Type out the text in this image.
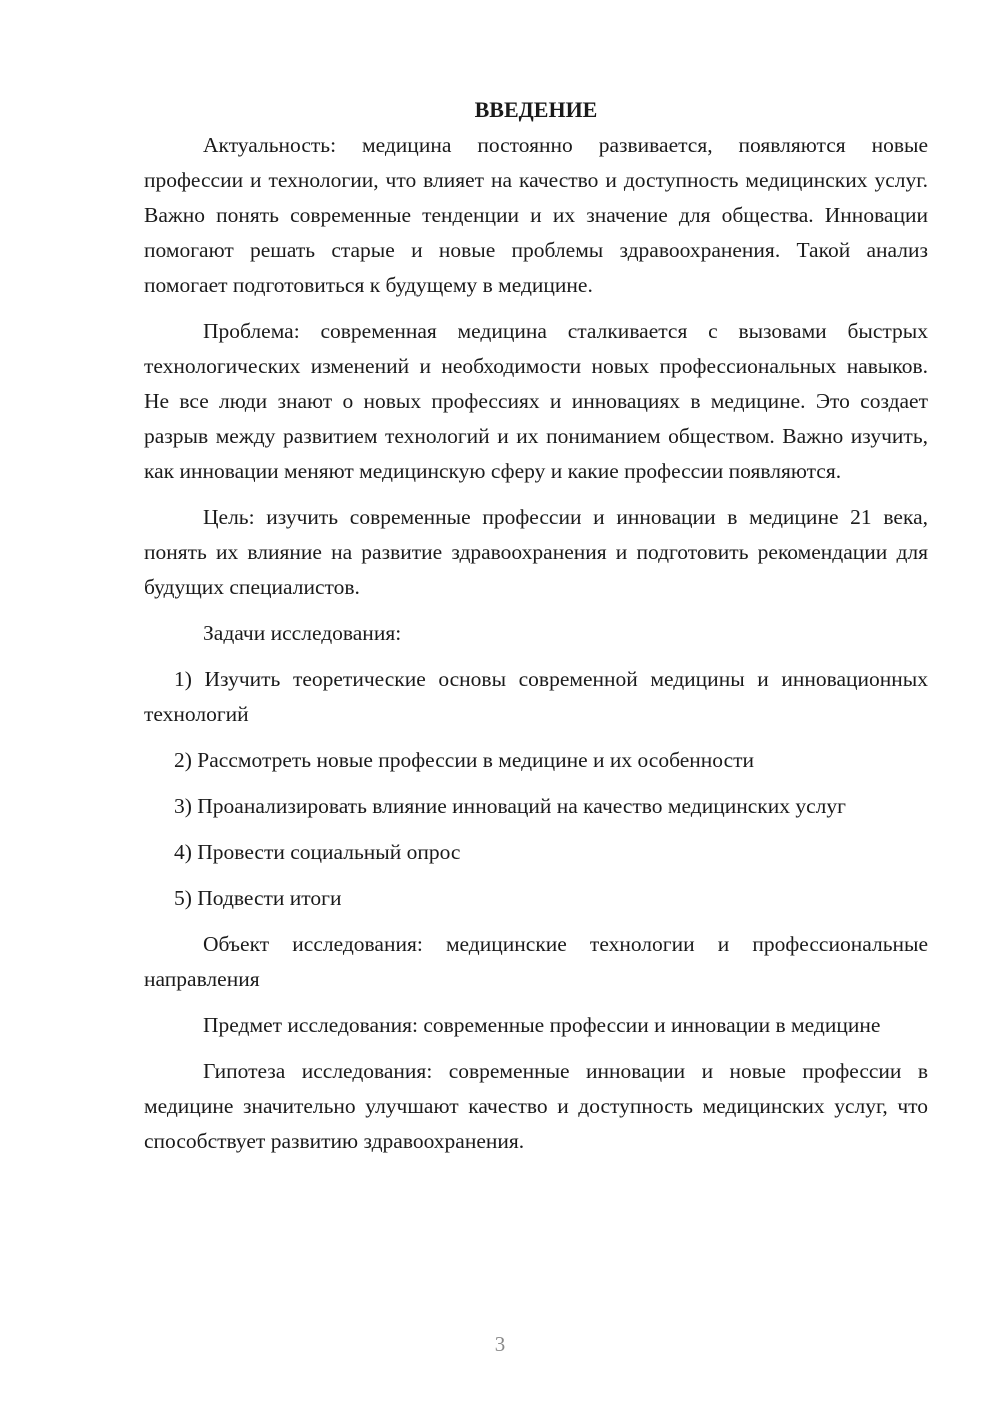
ВВЕДЕНИЕ

Актуальность: медицина постоянно развивается, появляются новые профессии и технологии, что влияет на качество и доступность медицинских услуг. Важно понять современные тенденции и их значение для общества. Инновации помогают решать старые и новые проблемы здравоохранения. Такой анализ помогает подготовиться к будущему в медицине.

Проблема: современная медицина сталкивается с вызовами быстрых технологических изменений и необходимости новых профессиональных навыков. Не все люди знают о новых профессиях и инновациях в медицине. Это создает разрыв между развитием технологий и их пониманием обществом. Важно изучить, как инновации меняют медицинскую сферу и какие профессии появляются.

Цель: изучить современные профессии и инновации в медицине 21 века, понять их влияние на развитие здравоохранения и подготовить рекомендации для будущих специалистов.

Задачи исследования:

1) Изучить теоретические основы современной медицины и инновационных технологий

2) Рассмотреть новые профессии в медицине и их особенности

3) Проанализировать влияние инноваций на качество медицинских услуг

4) Провести социальный опрос

5) Подвести итоги

Объект исследования: медицинские технологии и профессиональные направления

Предмет исследования: современные профессии и инновации в медицине

Гипотеза исследования: современные инновации и новые профессии в медицине значительно улучшают качество и доступность медицинских услуг, что способствует развитию здравоохранения.

3
